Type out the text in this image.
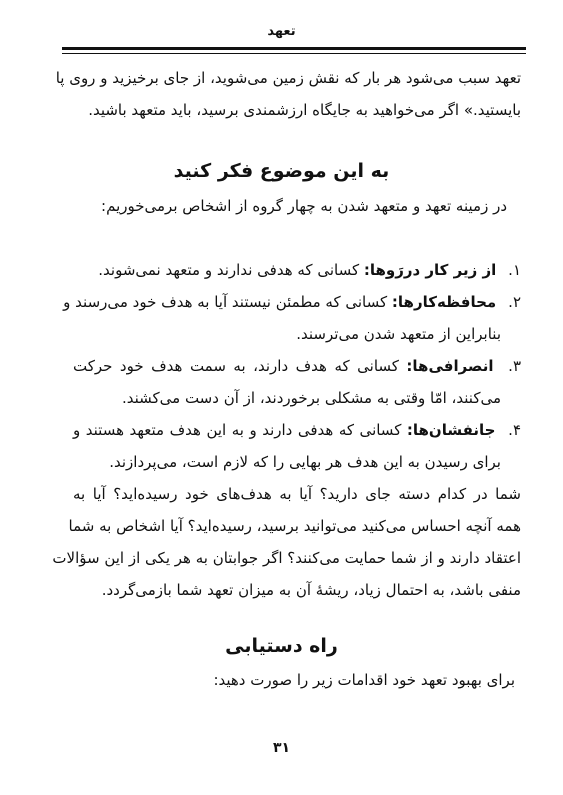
تعهد
تعهد سبب می‌شود هر بار که نقش زمین می‌شوید، از جای برخیزید و روی پا
بایستید.» اگر می‌خواهید به جایگاه ارزشمندی برسید، باید متعهد باشید.
به این موضوع فکر کنید
در زمینه تعهد و متعهد شدن به چهار گروه از اشخاص برمی‌خوریم:
۱. از زیر کار دررَوها: کسانی که هدفی ندارند و متعهد نمی‌شوند.
۲. محافظه‌کارها: کسانی که مطمئن نیستند آیا به هدف خود می‌رسند و
بنابراین از متعهد شدن می‌ترسند.
۳. انصرافی‌ها: کسانی که هدف دارند، به سمت هدف خود حرکت
می‌کنند، امّا وقتی به مشکلی برخوردند، از آن دست می‌کشند.
۴. جانفشان‌ها: کسانی که هدفی دارند و به این هدف متعهد هستند و
برای رسیدن به این هدف هر بهایی را که لازم است، می‌پردازند.
شما در کدام دسته جای دارید؟ آیا به هدف‌های خود رسیده‌اید؟ آیا به
همه آنچه احساس می‌کنید می‌توانید برسید، رسیده‌اید؟ آیا اشخاص به شما
اعتقاد دارند و از شما حمایت می‌کنند؟ اگر جوابتان به هر یکی از این سؤالات
منفی باشد، به احتمال زیاد، ریشهٔ آن به میزان تعهد شما بازمی‌گردد.
راه دستیابی
برای بهبود تعهد خود اقدامات زیر را صورت دهید:
۳۱
